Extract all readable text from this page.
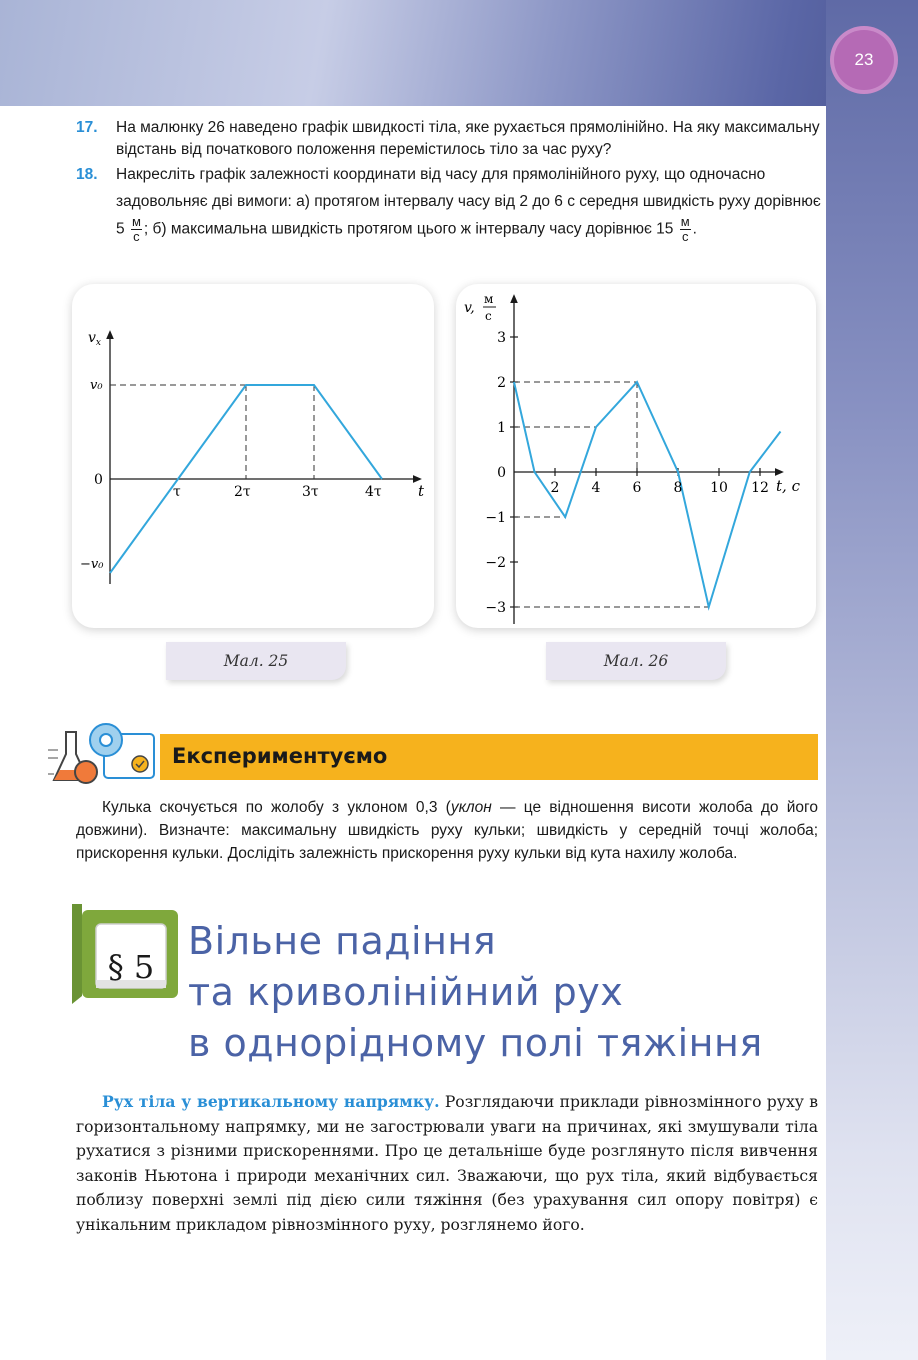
23
17. На малюнку 26 наведено графік швидкості тіла, яке рухається прямолінійно. На яку максимальну відстань від початкового положення перемістилось тіло за час руху?
18. Накресліть графік залежності координати від часу для прямолінійного руху, що одночасно задовольняє дві вимоги: а) протягом інтервалу часу від 2 до 6 с середня швидкість руху дорівнює $5 \frac{м}{с}$ ; б) максимальна швидкість протягом цього ж інтервалу часу дорівнює $15 \frac{м}{с}$ .
$v_x$
t
v₀
0
−v₀
τ	2τ	3τ	4τ
Мал. 25
v,
м
с
t, с
3
2
1
0
−1
−2
−3
2 4 6 8 10 12
Мал. 26
Експериментуємо
Кулька скочується по жолобу з уклоном 0,3 (уклон — це відношення висоти жолоба до його довжини). Визначте: максимальну швидкість руху кульки; швидкість у середній точці жолоба; прискорення кульки. Дослідіть залежність прискорення руху кульки від кута нахилу жолоба.
§ 5
Вільне падіння
та криволінійний рух
в однорідному полі тяжіння
Рух тіла у вертикальному напрямку. Розглядаючи приклади рівнозмінного руху в горизонтальному напрямку, ми не загострювали уваги на причинах, які змушували тіла рухатися з різними прискореннями. Про це детальніше буде розглянуто після вивчення законів Ньютона і природи механічних сил. Зважаючи, що рух тіла, який відбувається поблизу поверхні землі під дією сили тяжіння (без урахування сил опору повітря) є унікальним прикладом рівнозмінного руху, розглянемо його.
